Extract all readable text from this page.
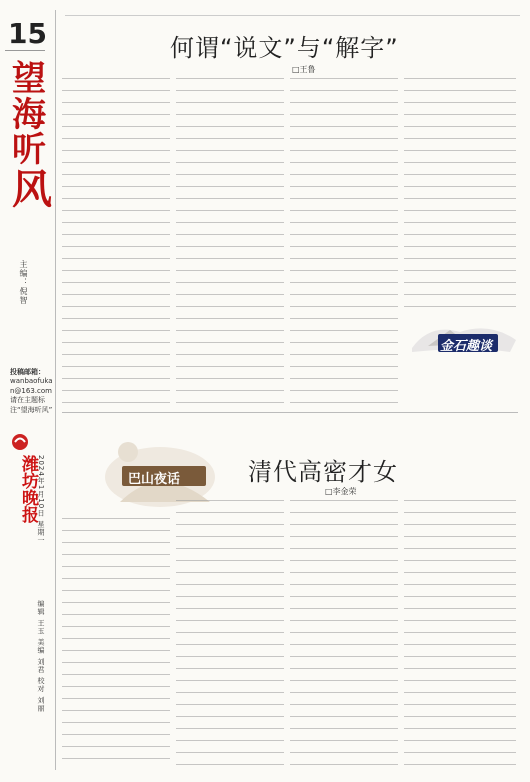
15
望
海
听
风
主编：倪智
投稿邮箱：
wanbaofukan@163.com
请在主题标注“望海听风”
潍坊晚报 2024年1月10日 星期一
编辑 王玉 美编 刘君 校对 刘丽
何谓“说文”与“解字”
□王鲁
金石趣谈
清代高密才女
□李金荣
巴山夜话
